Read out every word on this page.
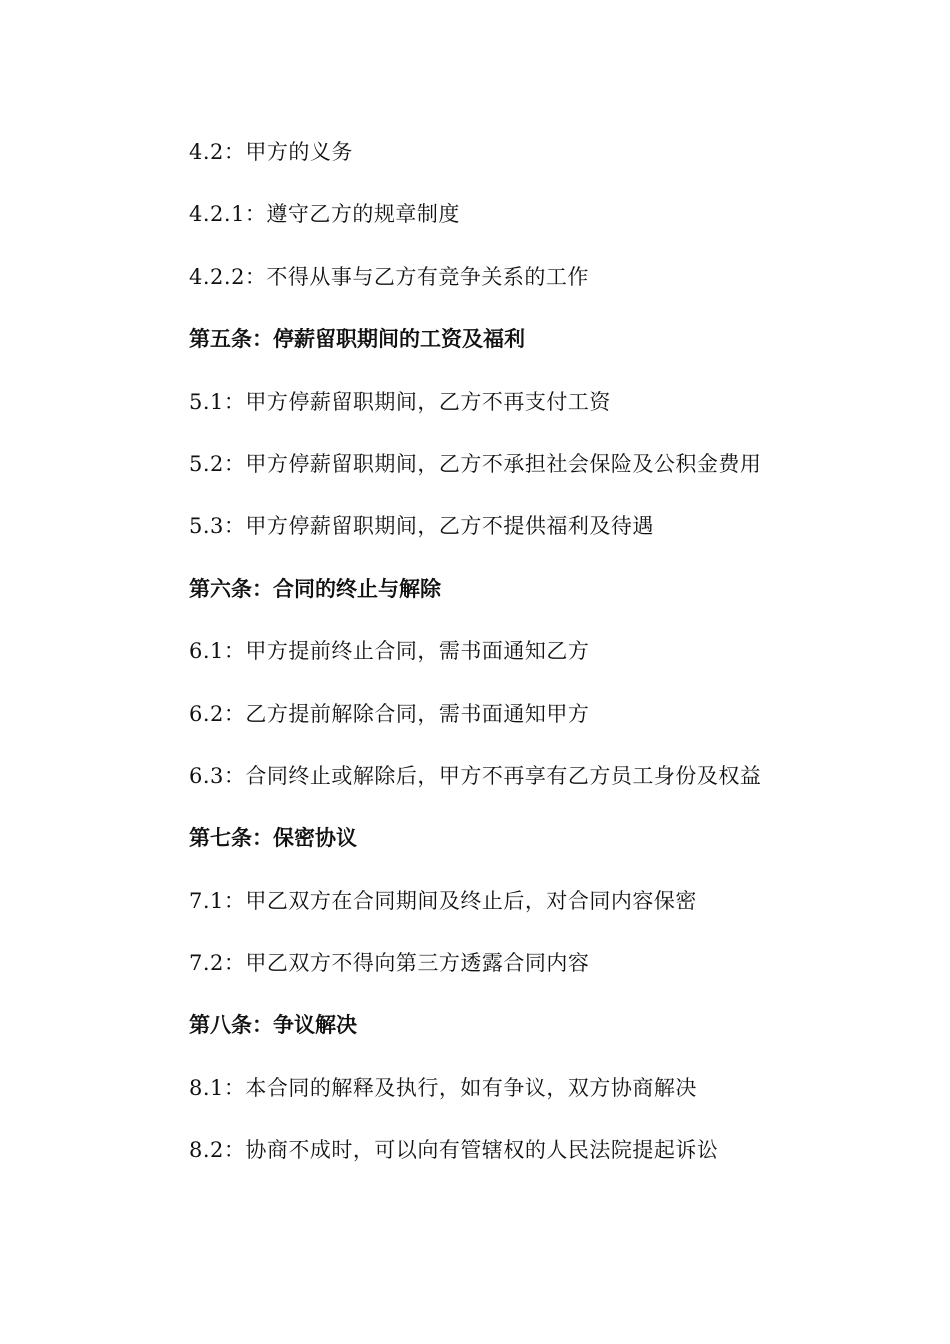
4.2：甲方的义务
4.2.1：遵守乙方的规章制度
4.2.2：不得从事与乙方有竞争关系的工作
第五条：停薪留职期间的工资及福利
5.1：甲方停薪留职期间，乙方不再支付工资
5.2：甲方停薪留职期间，乙方不承担社会保险及公积金费用
5.3：甲方停薪留职期间，乙方不提供福利及待遇
第六条：合同的终止与解除
6.1：甲方提前终止合同，需书面通知乙方
6.2：乙方提前解除合同，需书面通知甲方
6.3：合同终止或解除后，甲方不再享有乙方员工身份及权益
第七条：保密协议
7.1：甲乙双方在合同期间及终止后，对合同内容保密
7.2：甲乙双方不得向第三方透露合同内容
第八条：争议解决
8.1：本合同的解释及执行，如有争议，双方协商解决
8.2：协商不成时，可以向有管辖权的人民法院提起诉讼
